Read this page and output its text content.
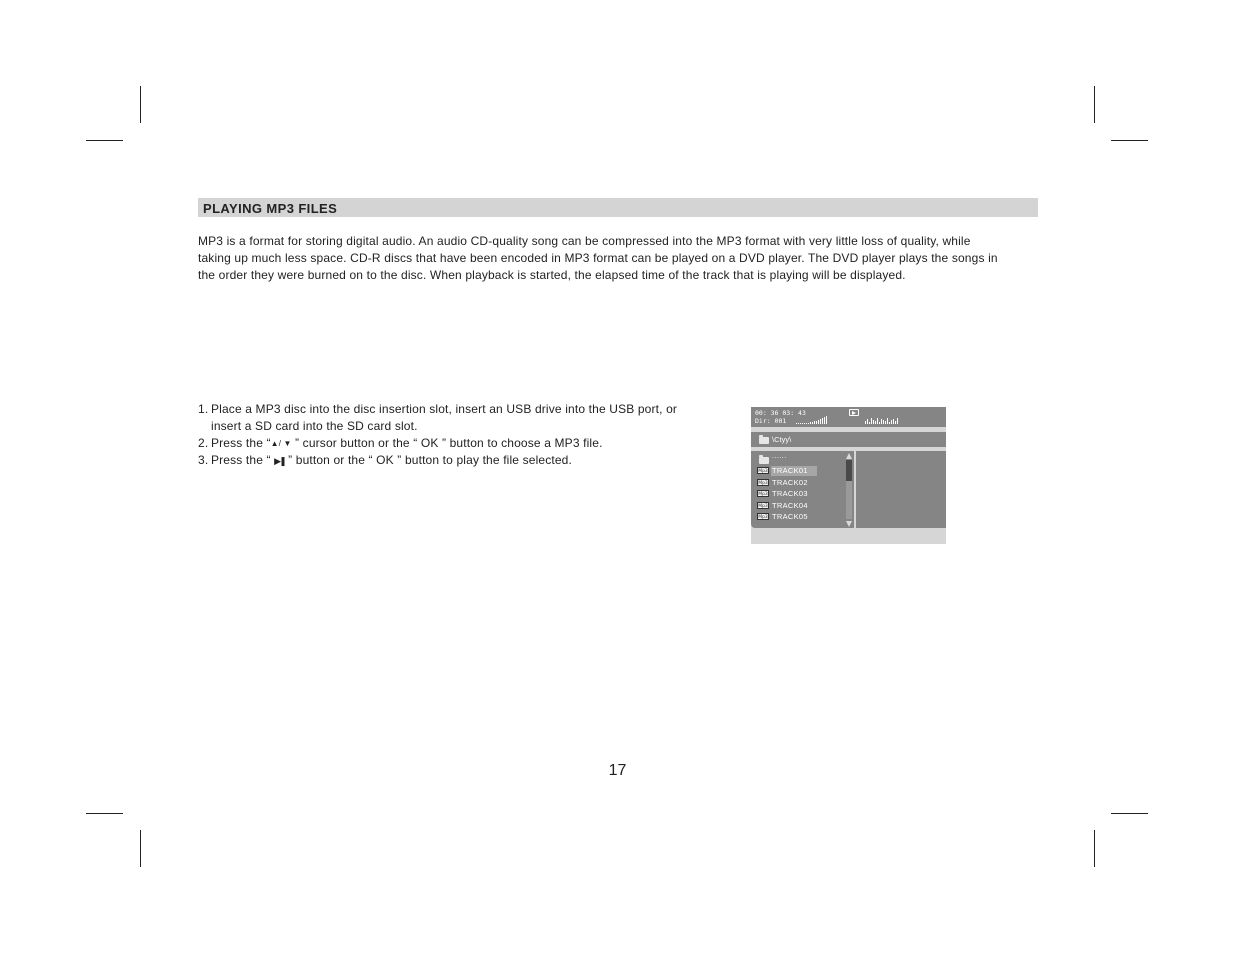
PLAYING MP3 FILES

MP3 is a format for storing digital audio. An audio CD-quality song can be compressed into the MP3 format with very little loss of quality, while taking up much less space. CD-R discs that have been encoded in MP3 format can be played on a DVD player. The DVD player plays the songs in the order they were burned on to the disc. When playback is started, the elapsed time of the track that is playing will be displayed.

1. Place a MP3 disc into the disc insertion slot, insert an USB drive into the USB port, or insert a SD card into the SD card slot.
2. Press the “▲/ ▼ ” cursor button or the “ OK ” button to choose a MP3 file.
3. Press the “ ▶❚ ” button or the “ OK ” button to play the file selected.
00: 36 03: 43
Dir: 001
\Ctyy\
......
Mp3 TRACK01
Mp3 TRACK02
Mp3 TRACK03
Mp3 TRACK04
Mp3 TRACK05
17
